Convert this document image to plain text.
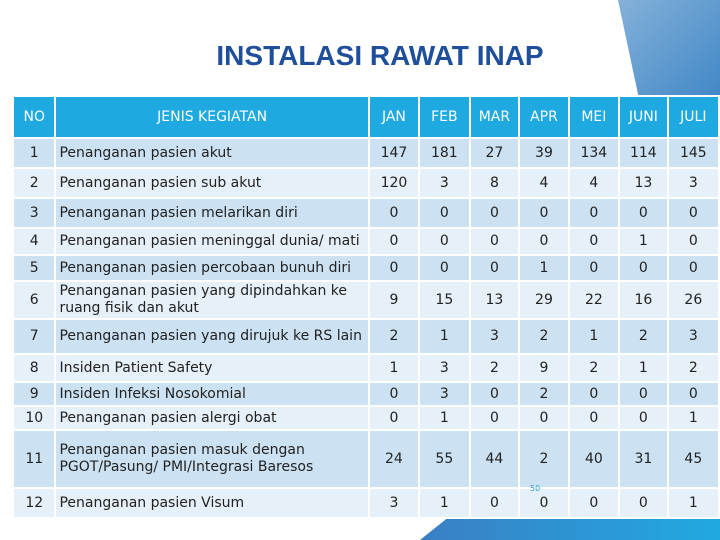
INSTALASI RAWAT INAP
NO	JENIS KEGIATAN	JAN	FEB	MAR	APR	MEI	JUNI	JULI
1	Penanganan pasien akut	147	181	27	39	134	114	145
2	Penanganan pasien sub akut	120	3	8	4	4	13	3
3	Penanganan pasien melarikan diri	0	0	0	0	0	0	0
4	Penanganan pasien meninggal dunia/ mati	0	0	0	0	0	1	0
5	Penanganan pasien percobaan bunuh diri	0	0	0	1	0	0	0
6	Penanganan pasien yang dipindahkan ke ruang fisik dan akut	9	15	13	29	22	16	26
7	Penanganan pasien yang dirujuk ke RS lain	2	1	3	2	1	2	3
8	Insiden Patient Safety	1	3	2	9	2	1	2
9	Insiden Infeksi Nosokomial	0	3	0	2	0	0	0
10	Penanganan pasien alergi obat	0	1	0	0	0	0	1
11	Penanganan pasien masuk dengan PGOT/Pasung/ PMI/Integrasi Baresos	24	55	44	2	40	31	45
12	Penanganan pasien Visum	3	1	0	0	0	0	1
50
